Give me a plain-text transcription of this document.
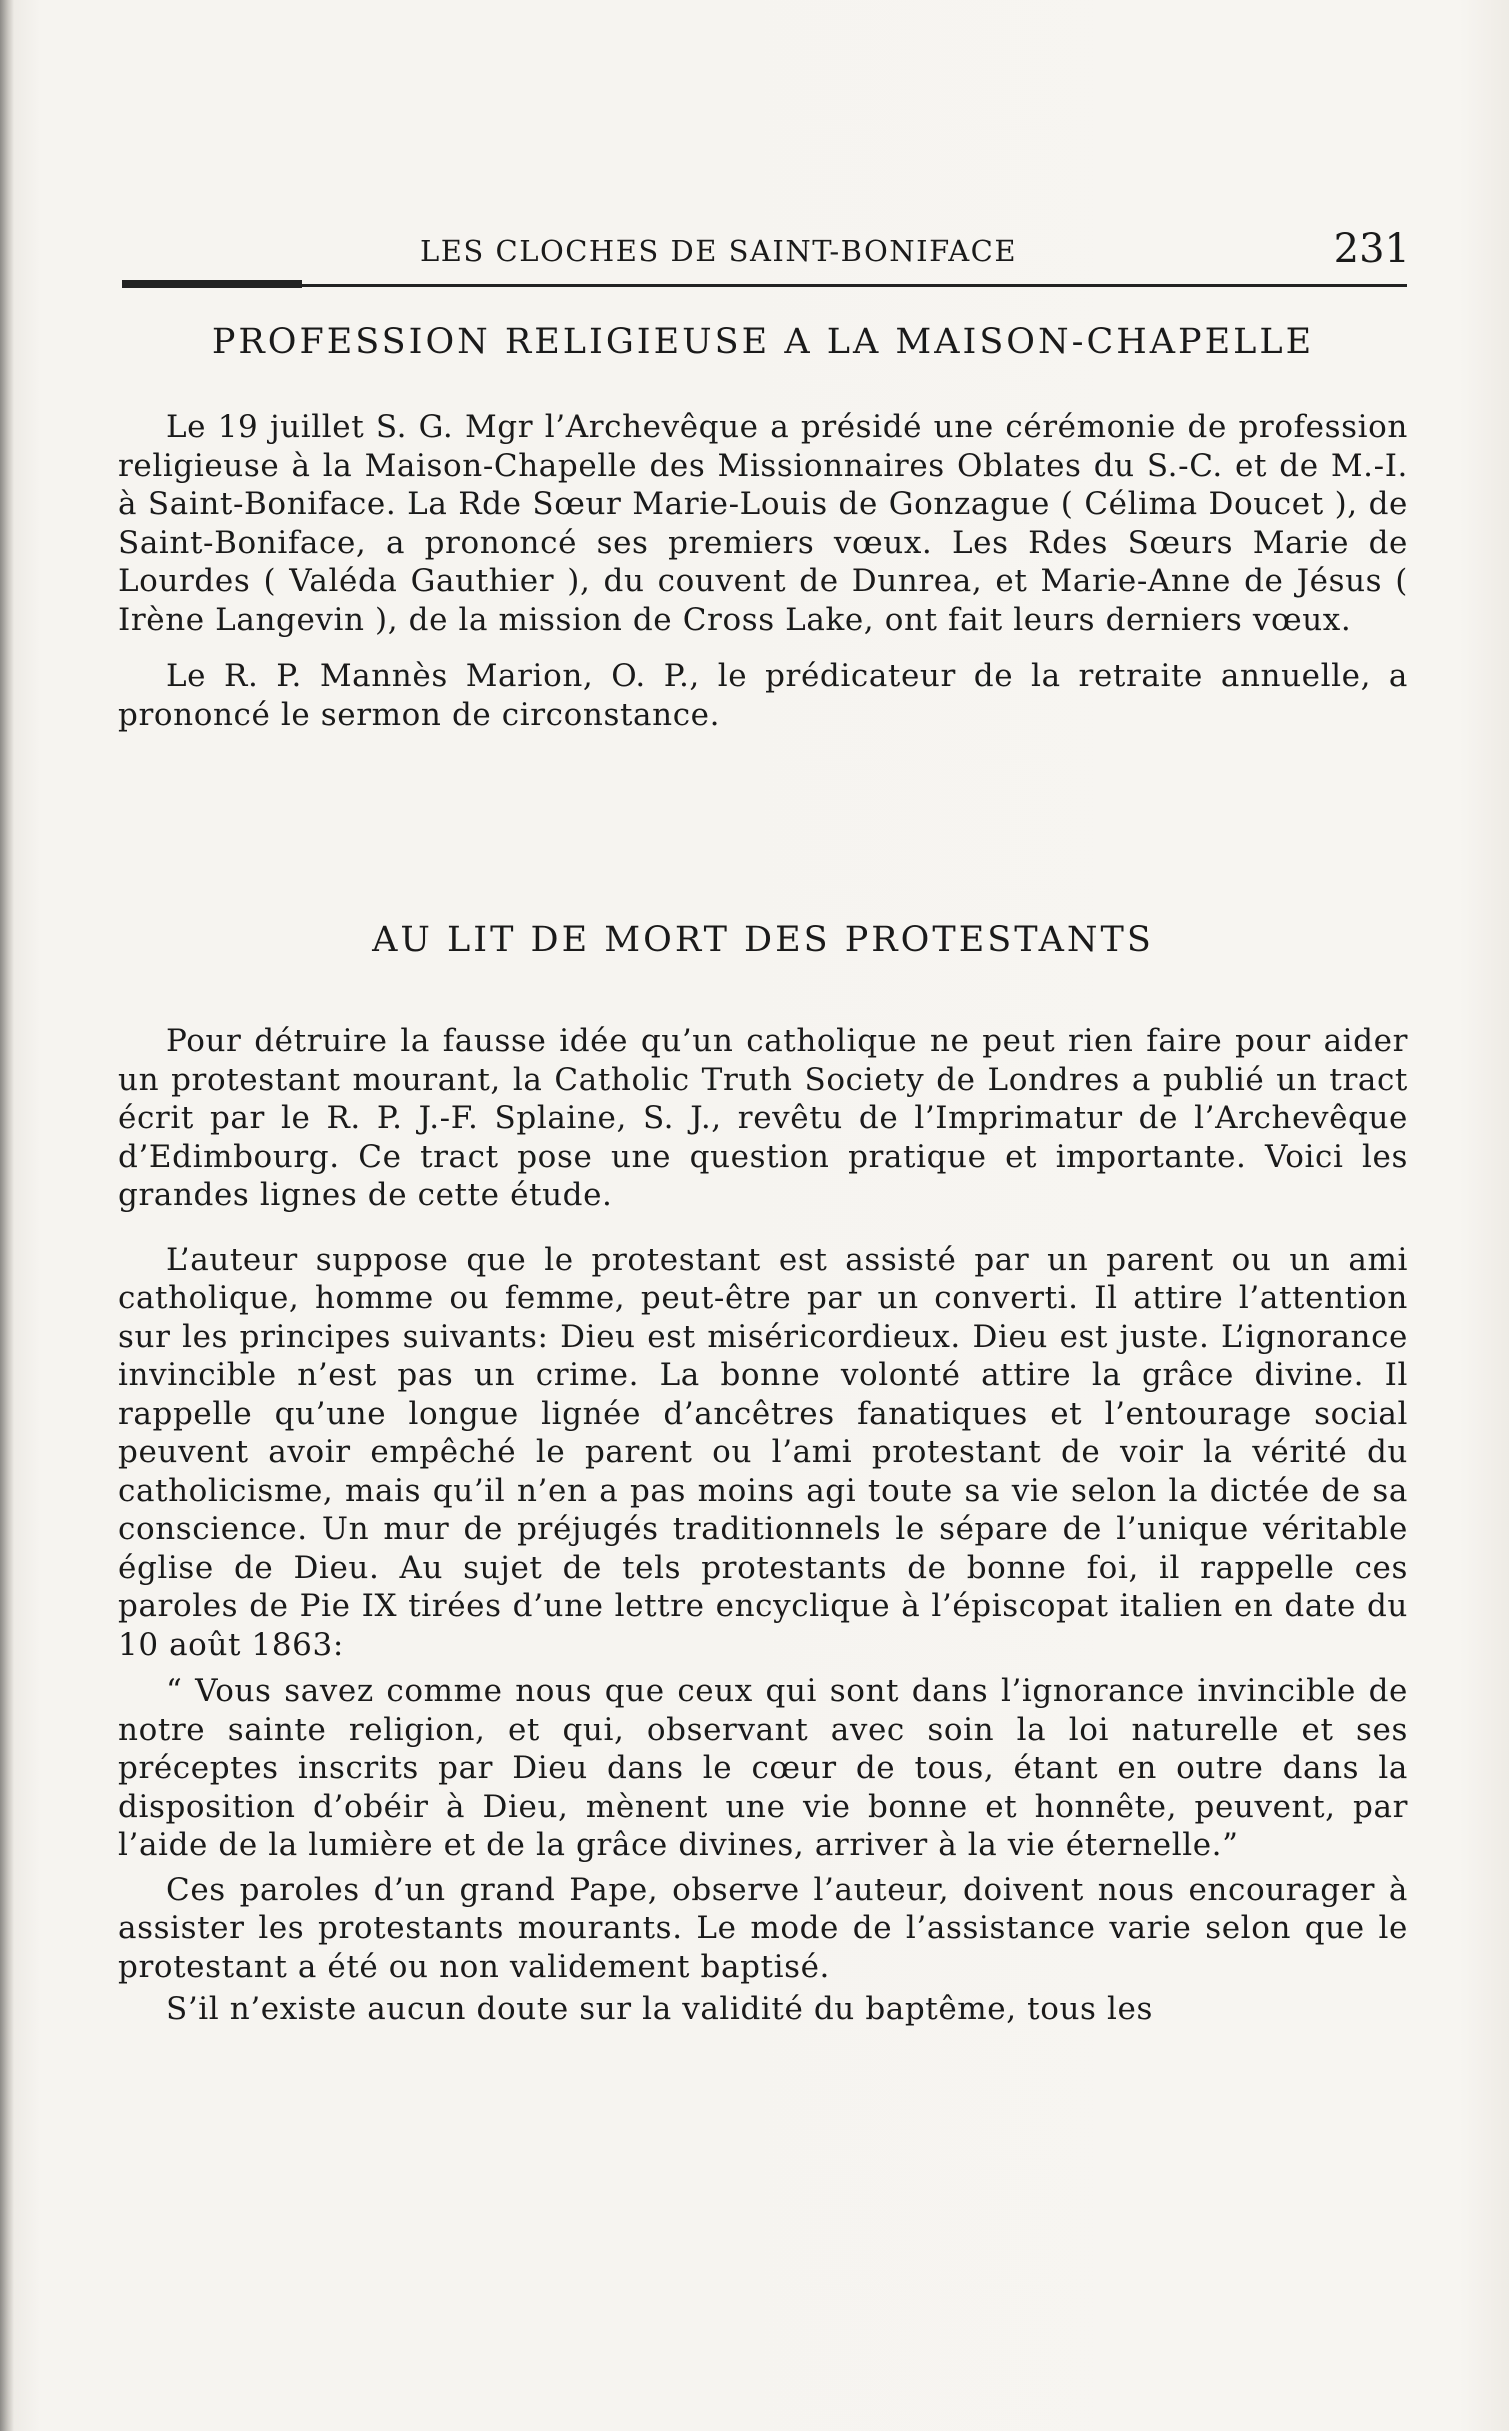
LES CLOCHES DE SAINT-BONIFACE	231
PROFESSION RELIGIEUSE A LA MAISON-CHAPELLE

Le 19 juillet S. G. Mgr l’Archevêque a présidé une cérémonie de profession religieuse à la Maison-Chapelle des Missionnaires Oblates du S.-C. et de M.-I. à Saint-Boniface. La Rde Sœur Marie-Louis de Gonzague ( Célima Doucet ), de Saint-Boniface, a prononcé ses premiers vœux. Les Rdes Sœurs Marie de Lourdes ( Valéda Gauthier ), du couvent de Dunrea, et Marie-Anne de Jésus ( Irène Langevin ), de la mission de Cross Lake, ont fait leurs derniers vœux.

Le R. P. Mannès Marion, O. P., le prédicateur de la retraite annuelle, a prononcé le sermon de circonstance.

AU LIT DE MORT DES PROTESTANTS

Pour détruire la fausse idée qu’un catholique ne peut rien faire pour aider un protestant mourant, la Catholic Truth Society de Londres a publié un tract écrit par le R. P. J.-F. Splaine, S. J., revêtu de l’Imprimatur de l’Archevêque d’Edimbourg. Ce tract pose une question pratique et importante. Voici les grandes lignes de cette étude.

L’auteur suppose que le protestant est assisté par un parent ou un ami catholique, homme ou femme, peut-être par un converti. Il attire l’attention sur les principes suivants: Dieu est miséricordieux. Dieu est juste. L’ignorance invincible n’est pas un crime. La bonne volonté attire la grâce divine. Il rappelle qu’une longue lignée d’ancêtres fanatiques et l’entourage social peuvent avoir empêché le parent ou l’ami protestant de voir la vérité du catholicisme, mais qu’il n’en a pas moins agi toute sa vie selon la dictée de sa conscience. Un mur de préjugés traditionnels le sépare de l’unique véritable église de Dieu. Au sujet de tels protestants de bonne foi, il rappelle ces paroles de Pie IX tirées d’une lettre encyclique à l’épiscopat italien en date du 10 août 1863:

“ Vous savez comme nous que ceux qui sont dans l’ignorance invincible de notre sainte religion, et qui, observant avec soin la loi naturelle et ses préceptes inscrits par Dieu dans le cœur de tous, étant en outre dans la disposition d’obéir à Dieu, mènent une vie bonne et honnête, peuvent, par l’aide de la lumière et de la grâce divines, arriver à la vie éternelle.”

Ces paroles d’un grand Pape, observe l’auteur, doivent nous encourager à assister les protestants mourants. Le mode de l’assistance varie selon que le protestant a été ou non validement baptisé.

S’il n’existe aucun doute sur la validité du baptême, tous les
